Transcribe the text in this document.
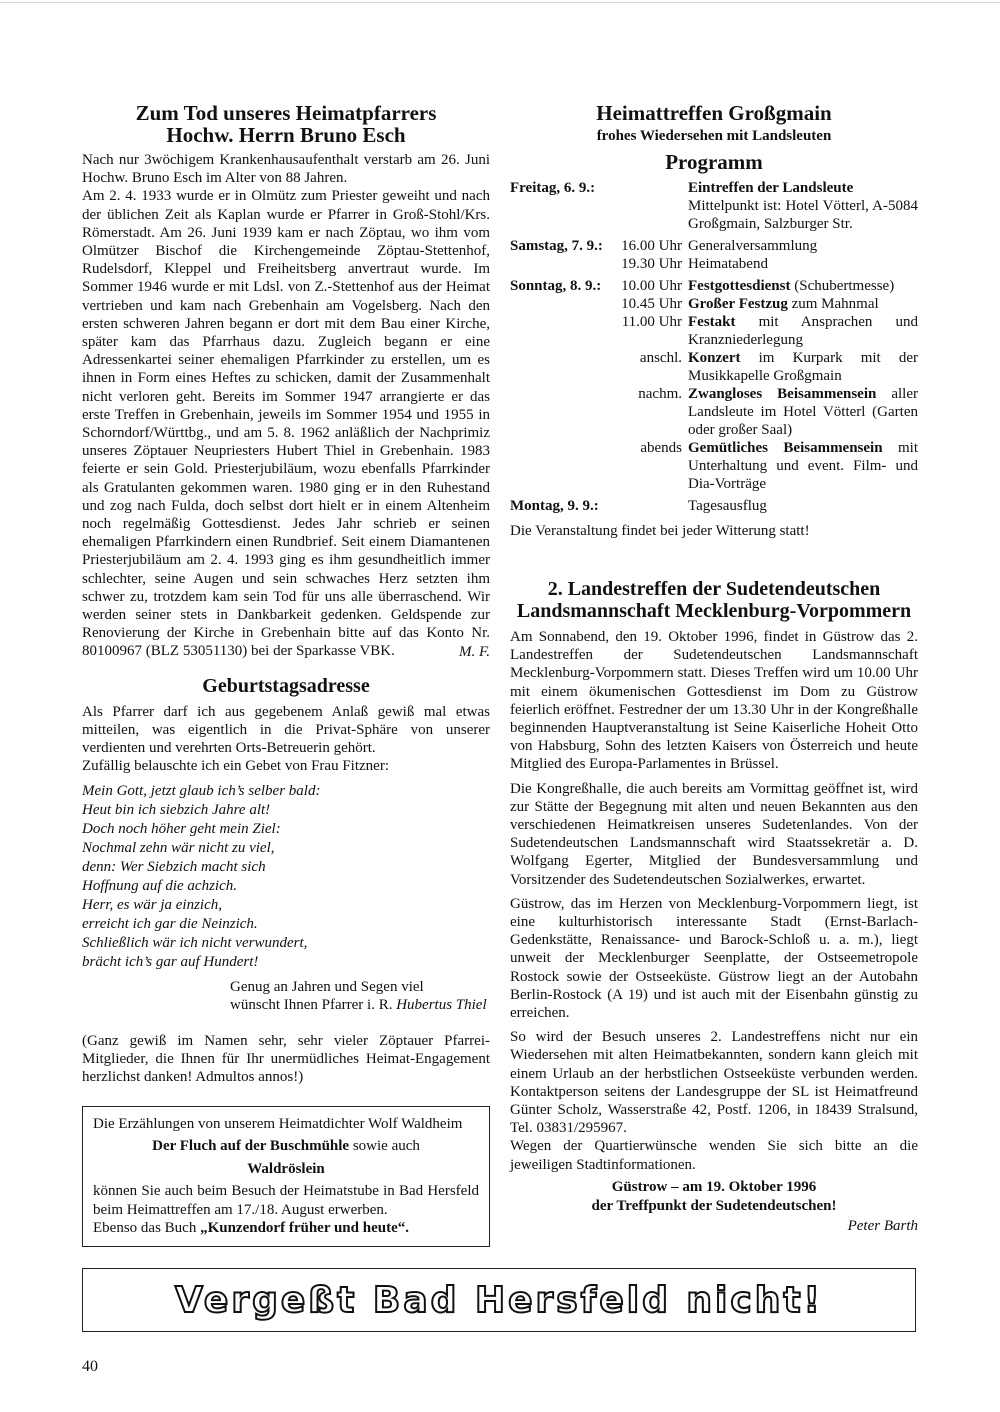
Zum Tod unseres Heimatpfarrers
Hochw. Herrn Bruno Esch

Nach nur 3wöchigem Krankenhausaufenthalt verstarb am 26. Juni Hochw. Bruno Esch im Alter von 88 Jahren.

Am 2. 4. 1933 wurde er in Olmütz zum Priester geweiht und nach der üblichen Zeit als Kaplan wurde er Pfarrer in Groß-Stohl/Krs. Römerstadt. Am 26. Juni 1939 kam er nach Zöptau, wo ihm vom Olmützer Bischof die Kirchengemeinde Zöptau-Stettenhof, Rudelsdorf, Kleppel und Freiheitsberg anvertraut wurde. Im Sommer 1946 wurde er mit Ldsl. von Z.-Stettenhof aus der Heimat vertrieben und kam nach Grebenhain am Vogelsberg. Nach den ersten schweren Jahren begann er dort mit dem Bau einer Kirche, später kam das Pfarrhaus dazu. Zugleich begann er eine Adressenkartei seiner ehemaligen Pfarrkinder zu erstellen, um es ihnen in Form eines Heftes zu schicken, damit der Zusammenhalt nicht verloren geht. Bereits im Sommer 1947 arrangierte er das erste Treffen in Grebenhain, jeweils im Sommer 1954 und 1955 in Schorndorf/Württbg., und am 5. 8. 1962 anläßlich der Nachprimiz unseres Zöptauer Neupriesters Hubert Thiel in Grebenhain. 1983 feierte er sein Gold. Priesterjubiläum, wozu ebenfalls Pfarrkinder als Gratulanten gekommen waren. 1980 ging er in den Ruhestand und zog nach Fulda, doch selbst dort hielt er in einem Altenheim noch regelmäßig Gottesdienst. Jedes Jahr schrieb er seinen ehemaligen Pfarrkindern einen Rundbrief. Seit einem Diamantenen Priesterjubiläum am 2. 4. 1993 ging es ihm gesundheitlich immer schlechter, seine Augen und sein schwaches Herz setzten ihm schwer zu, trotzdem kam sein Tod für uns alle überraschend. Wir werden seiner stets in Dankbarkeit gedenken. Geldspende zur Renovierung der Kirche in Grebenhain bitte auf das Konto Nr. 80100967 (BLZ 53051130) bei der Sparkasse VBK.	M. F.
Geburtstagsadresse

Als Pfarrer darf ich aus gegebenem Anlaß gewiß mal etwas mitteilen, was eigentlich in die Privat-Sphäre von unserer verdienten und verehrten Orts-Betreuerin gehört.

Zufällig belauschte ich ein Gebet von Frau Fitzner:

Mein Gott, jetzt glaub ich’s selber bald:
Heut bin ich siebzich Jahre alt!
Doch noch höher geht mein Ziel:
Nochmal zehn wär nicht zu viel,
denn: Wer Siebzich macht sich
Hoffnung auf die achzich.
Herr, es wär ja einzich,
erreicht ich gar die Neinzich.
Schließlich wär ich nicht verwundert,
brächt ich’s gar auf Hundert!
Genug an Jahren und Segen viel
wünscht Ihnen Pfarrer i. R. Hubertus Thiel

(Ganz gewiß im Namen sehr, sehr vieler Zöptauer Pfarrei-Mitglieder, die Ihnen für Ihr unermüdliches Heimat-Engagement herzlichst danken! Admultos annos!)

Die Erzählungen von unserem Heimatdichter Wolf Waldheim
Der Fluch auf der Buschmühle sowie auch
Waldröslein
können Sie auch beim Besuch der Heimatstube in Bad Hersfeld beim Heimattreffen am 17./18. August erwerben.
Ebenso das Buch „Kunzendorf früher und heute“.
Heimattreffen Großgmain
frohes Wiedersehen mit Landsleuten
Programm
Freitag, 6. 9.:		Eintreffen der Landsleute
		Mittelpunkt ist: Hotel Vötterl, A-5084 Großgmain, Salzburger Str.
Samstag, 7. 9.:	16.00 Uhr	Generalversammlung
	19.30 Uhr	Heimatabend
Sonntag, 8. 9.:	10.00 Uhr	Festgottesdienst (Schubertmesse)
	10.45 Uhr	Großer Festzug zum Mahnmal
	11.00 Uhr	Festakt mit Ansprachen und Kranzniederlegung
	anschl.	Konzert im Kurpark mit der Musikkapelle Großgmain
	nachm.	Zwangloses Beisammensein aller Landsleute im Hotel Vötterl (Garten oder großer Saal)
	abends	Gemütliches Beisammensein mit Unterhaltung und event. Film- und Dia-Vorträge
Montag, 9. 9.:		Tagesausflug

Die Veranstaltung findet bei jeder Witterung statt!

2. Landestreffen der Sudetendeutschen
Landsmannschaft Mecklenburg-Vorpommern

Am Sonnabend, den 19. Oktober 1996, findet in Güstrow das 2. Landestreffen der Sudetendeutschen Landsmannschaft Mecklenburg-Vorpommern statt. Dieses Treffen wird um 10.00 Uhr mit einem ökumenischen Gottesdienst im Dom zu Güstrow feierlich eröffnet. Festredner der um 13.30 Uhr in der Kongreßhalle beginnenden Hauptveranstaltung ist Seine Kaiserliche Hoheit Otto von Habsburg, Sohn des letzten Kaisers von Österreich und heute Mitglied des Europa-Parlamentes in Brüssel.

Die Kongreßhalle, die auch bereits am Vormittag geöffnet ist, wird zur Stätte der Begegnung mit alten und neuen Bekannten aus den verschiedenen Heimatkreisen unseres Sudetenlandes. Von der Sudetendeutschen Landsmannschaft wird Staatssekretär a. D. Wolfgang Egerter, Mitglied der Bundesversammlung und Vorsitzender des Sudetendeutschen Sozialwerkes, erwartet.

Güstrow, das im Herzen von Mecklenburg-Vorpommern liegt, ist eine kulturhistorisch interessante Stadt (Ernst-Barlach-Gedenkstätte, Renaissance- und Barock-Schloß u. a. m.), liegt unweit der Mecklenburger Seenplatte, der Ostseemetropole Rostock sowie der Ostseeküste. Güstrow liegt an der Autobahn Berlin-Rostock (A 19) und ist auch mit der Eisenbahn günstig zu erreichen.

So wird der Besuch unseres 2. Landestreffens nicht nur ein Wiedersehen mit alten Heimatbekannten, sondern kann gleich mit einem Urlaub an der herbstlichen Ostseeküste verbunden werden. Kontaktperson seitens der Landesgruppe der SL ist Heimatfreund Günter Scholz, Wasserstraße 42, Postf. 1206, in 18439 Stralsund, Tel. 03831/295967.

Wegen der Quartierwünsche wenden Sie sich bitte an die jeweiligen Stadtinformationen.

Güstrow – am 19. Oktober 1996
der Treffpunkt der Sudetendeutschen!
Peter Barth
Vergeßt Bad Hersfeld nicht!
40
